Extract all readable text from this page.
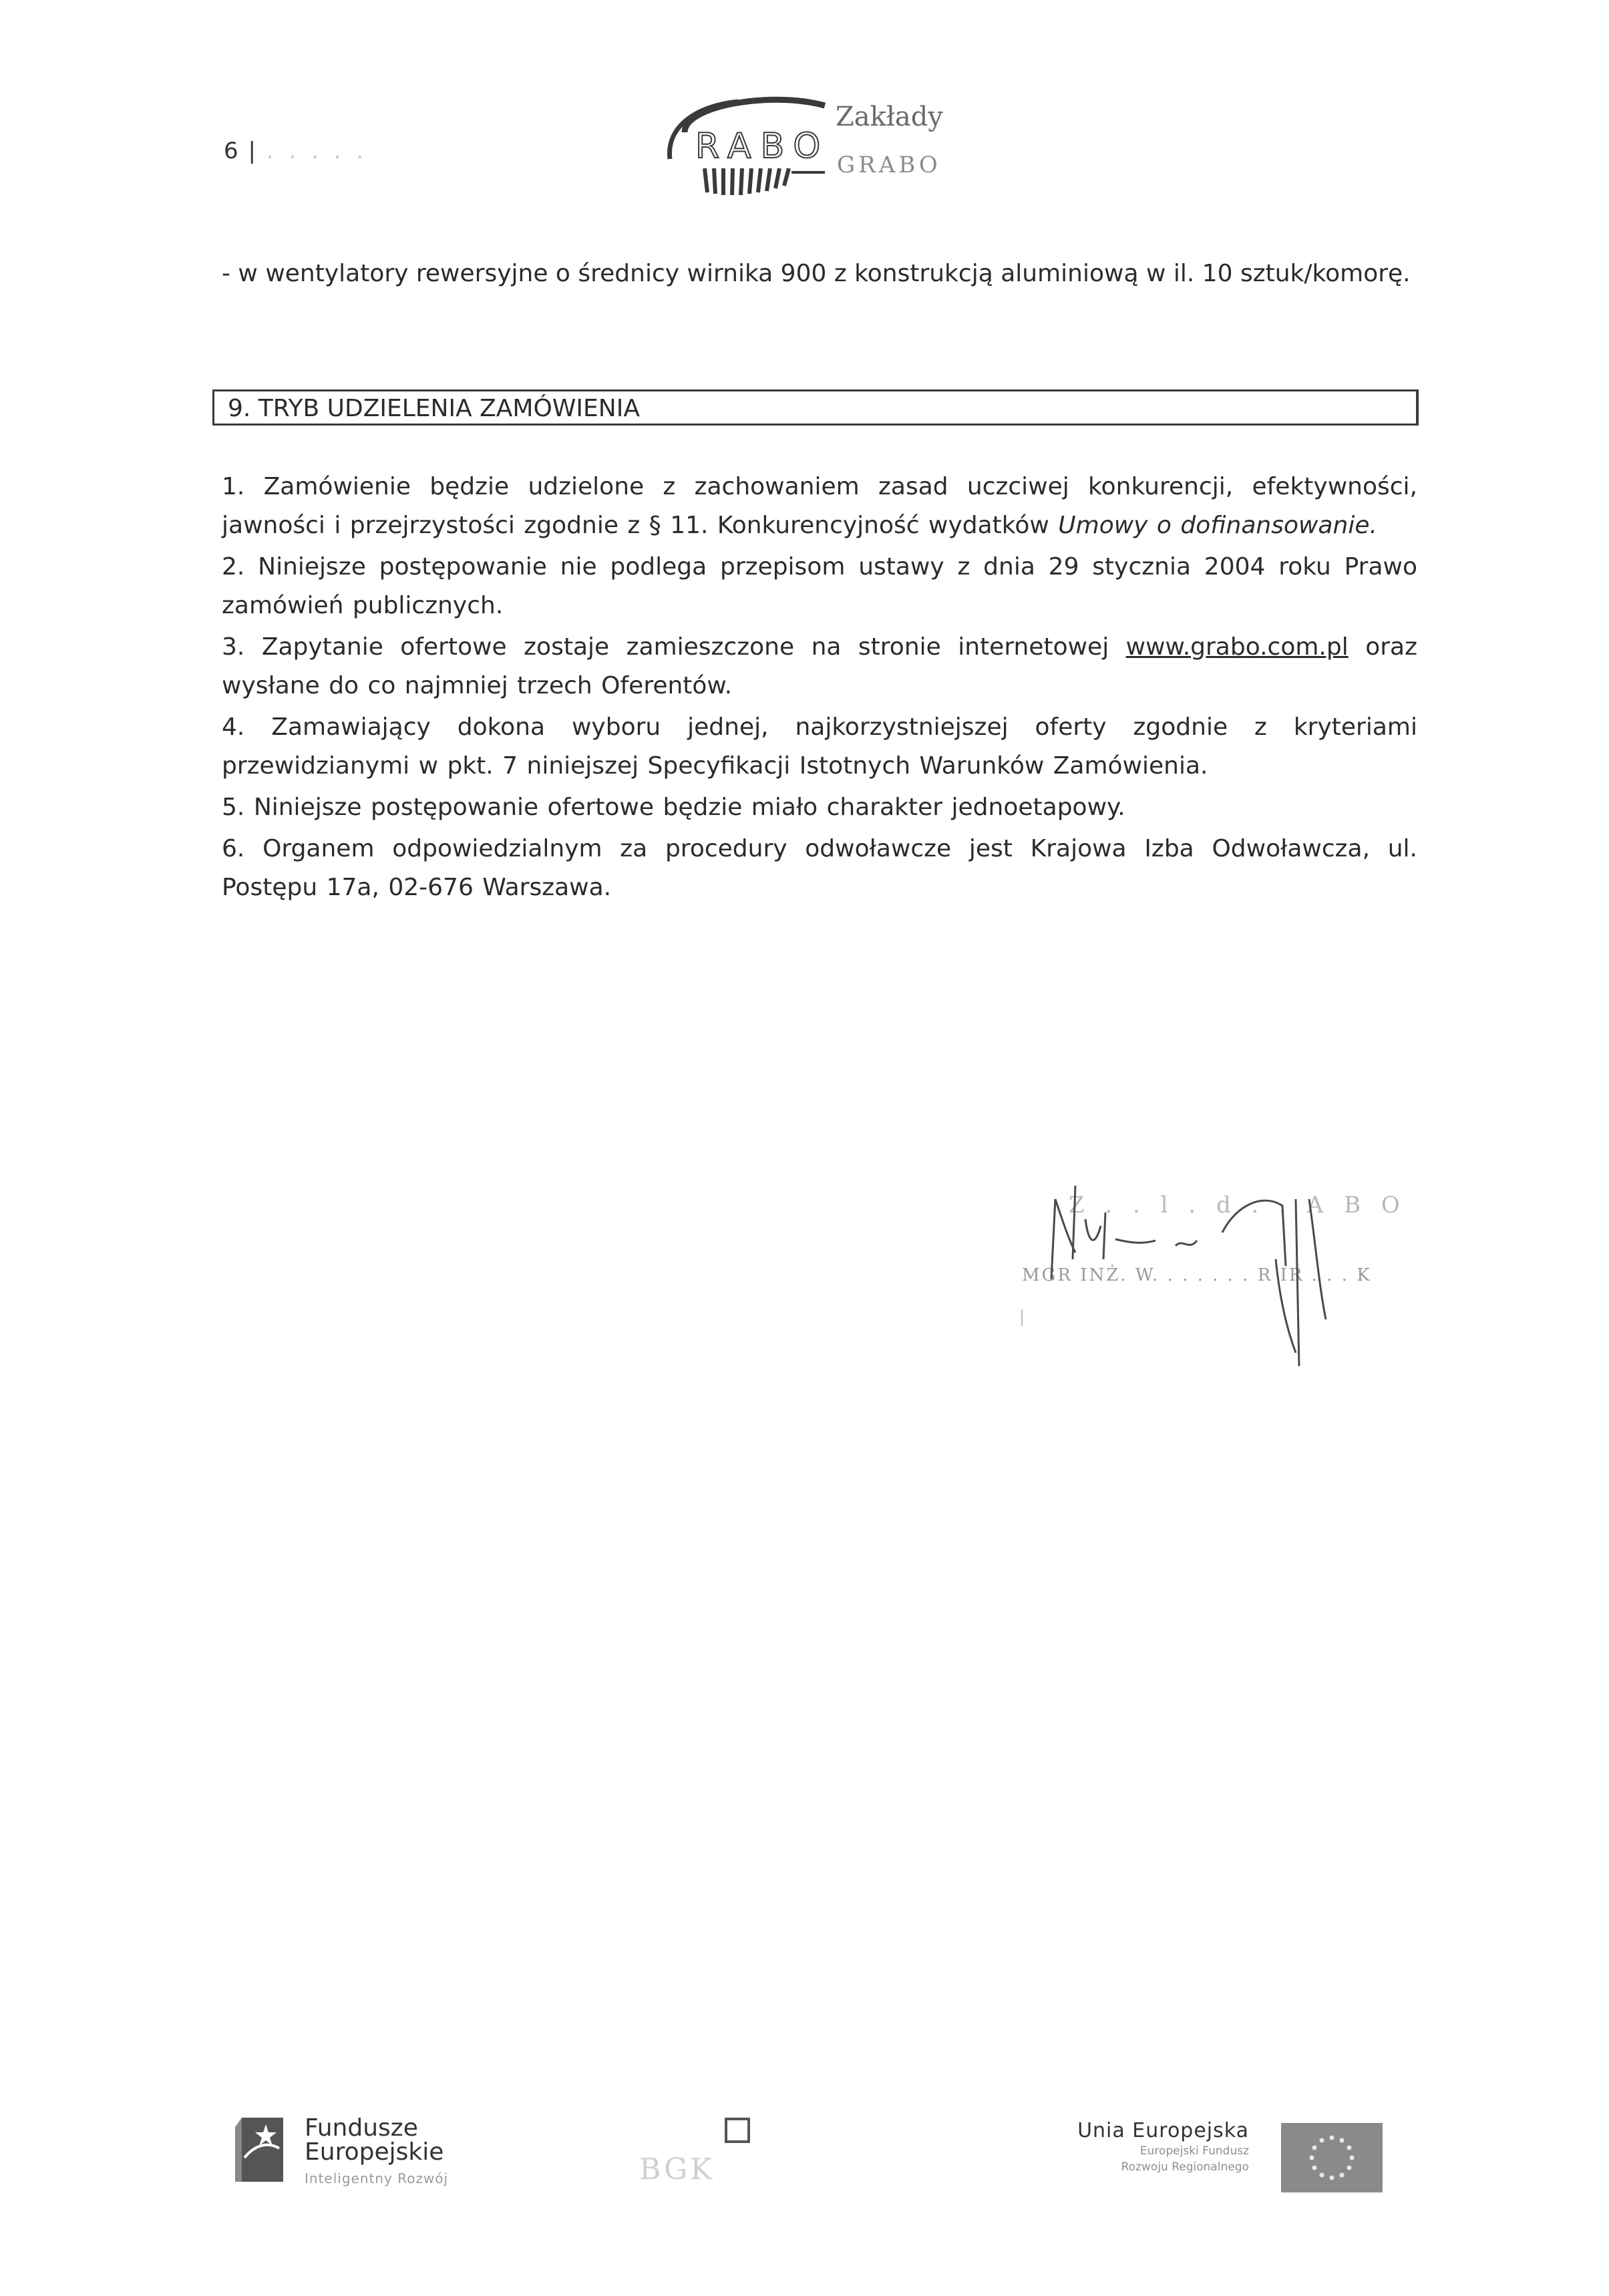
6 | . . . . .	RABO
Zakłady
GRABO

- w wentylatory rewersyjne o średnicy wirnika 900 z konstrukcją aluminiową w il. 10 sztuk/komorę.

9. TRYB UDZIELENIA ZAMÓWIENIA

1. Zamówienie będzie udzielone z zachowaniem zasad uczciwej konkurencji, efektywności, jawności i przejrzystości zgodnie z § 11. Konkurencyjność wydatków Umowy o dofinansowanie.

2. Niniejsze postępowanie nie podlega przepisom ustawy z dnia 29 stycznia 2004 roku Prawo zamówień publicznych.

3. Zapytanie ofertowe zostaje zamieszczone na stronie internetowej www.grabo.com.pl oraz wysłane do co najmniej trzech Oferentów.

4. Zamawiający dokona wyboru jednej, najkorzystniejszej oferty zgodnie z kryteriami przewidzianymi w pkt. 7 niniejszej Specyfikacji Istotnych Warunków Zamówienia.

5. Niniejsze postępowanie ofertowe będzie miało charakter jednoetapowy.

6. Organem odpowiedzialnym za procedury odwoławcze jest Krajowa Izba Odwoławcza, ul. Postępu 17a, 02-676 Warszawa.

Z . . l . d . . A B O
MGR INŻ. W. . . . . . . R IR . . . K
Fundusze
Europejskie
Inteligentny Rozwój	BGK
Unia Europejska
Europejski Fundusz
Rozwoju Regionalnego
